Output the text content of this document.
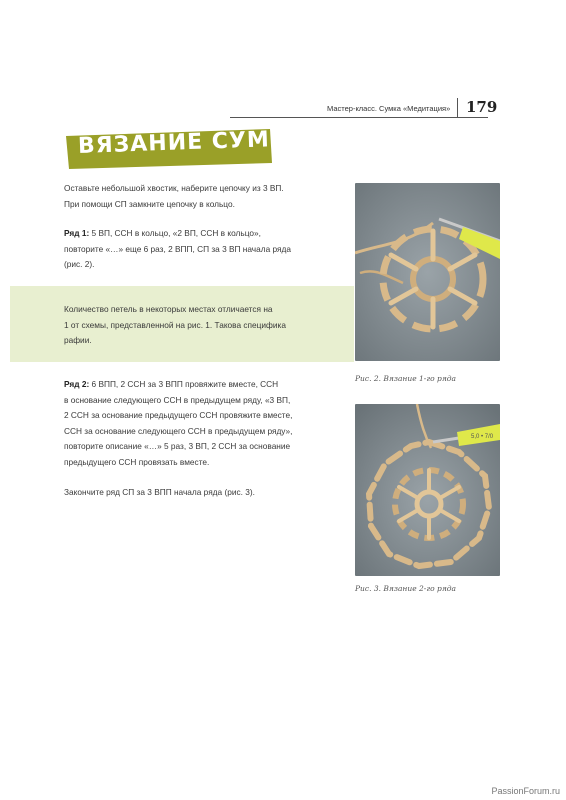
Мастер-класс. Сумка «Медитация» 179
ВЯЗАНИЕ СУМКИ
Оставьте небольшой хвостик, наберите цепочку из 3 ВП.
При помощи СП замкните цепочку в кольцо.
Ряд 1: 5 ВП, ССН в кольцо, «2 ВП, ССН в кольцо»,
повторите «…» еще 6 раз, 2 ВПП, СП за 3 ВП начала ряда
(рис. 2).
Количество петель в некоторых местах отличается на
1 от схемы, представленной на рис. 1. Такова специфика
рафии.
Ряд 2: 6 ВПП, 2 ССН за 3 ВПП провяжите вместе, ССН
в основание следующего ССН в предыдущем ряду, «3 ВП,
2 ССН за основание предыдущего ССН провяжите вместе,
ССН за основание следующего ССН в предыдущем ряду»,
повторите описание «…» 5 раз, 3 ВП, 2 ССН за основание
предыдущего ССН провязать вместе.
Закончите ряд СП за 3 ВПП начала ряда (рис. 3).
Рис. 2. Вязание 1-го ряда
5,0 • 7/0
Рис. 3. Вязание 2-го ряда
PassionForum.ru
